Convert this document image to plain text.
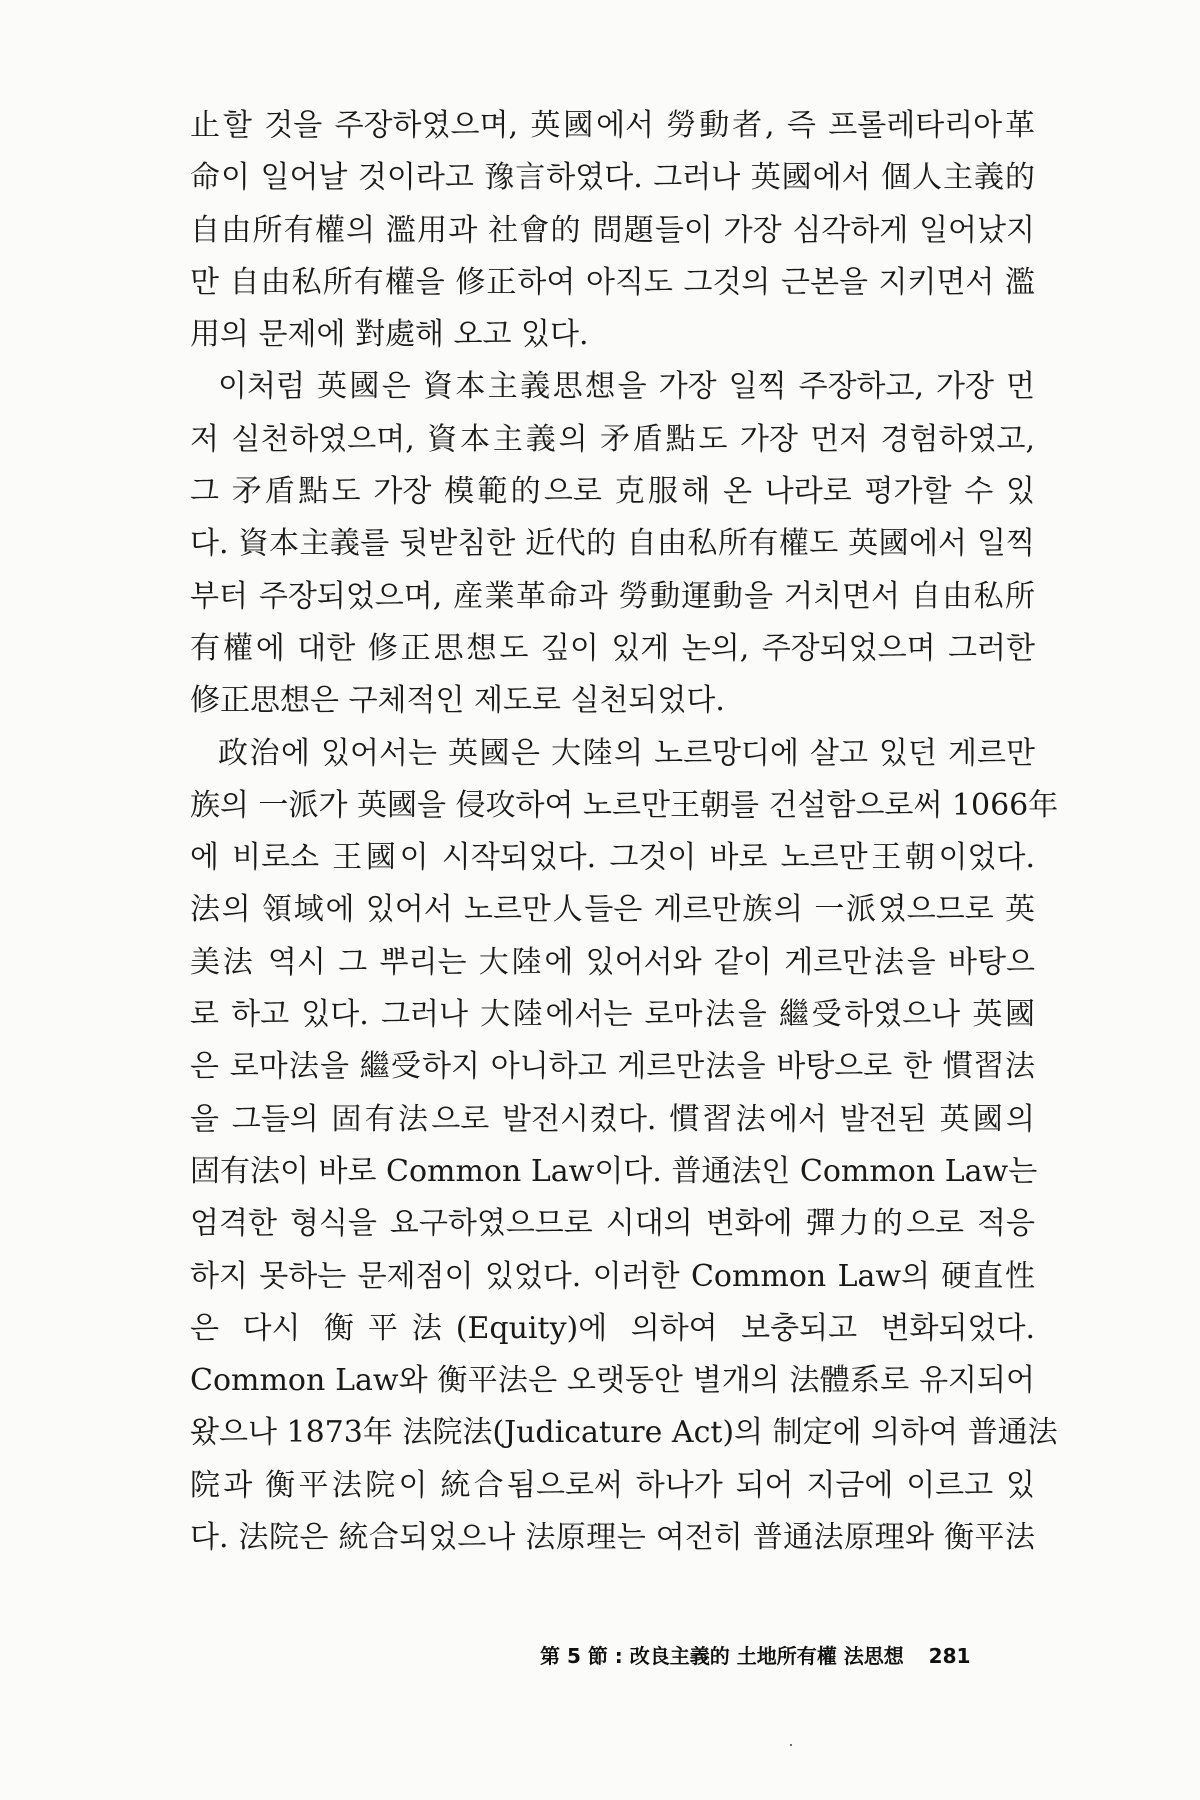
止할 것을 주장하였으며, 英國에서 勞動者, 즉 프롤레타리아革
命이 일어날 것이라고 豫言하였다. 그러나 英國에서 個人主義的
自由所有權의 濫用과 社會的 問題들이 가장 심각하게 일어났지
만 自由私所有權을 修正하여 아직도 그것의 근본을 지키면서 濫
用의 문제에 對處해 오고 있다.
이처럼 英國은 資本主義思想을 가장 일찍 주장하고, 가장 먼
저 실천하였으며, 資本主義의 矛盾點도 가장 먼저 경험하였고,
그 矛盾點도 가장 模範的으로 克服해 온 나라로 평가할 수 있
다. 資本主義를 뒷받침한 近代的 自由私所有權도 英國에서 일찍
부터 주장되었으며, 産業革命과 勞動運動을 거치면서 自由私所
有權에 대한 修正思想도 깊이 있게 논의, 주장되었으며 그러한
修正思想은 구체적인 제도로 실천되었다.
政治에 있어서는 英國은 大陸의 노르망디에 살고 있던 게르만
族의 一派가 英國을 侵攻하여 노르만王朝를 건설함으로써 1066年
에 비로소 王國이 시작되었다. 그것이 바로 노르만王朝이었다.
法의 領域에 있어서 노르만人들은 게르만族의 一派였으므로 英
美法 역시 그 뿌리는 大陸에 있어서와 같이 게르만法을 바탕으
로 하고 있다. 그러나 大陸에서는 로마法을 繼受하였으나 英國
은 로마法을 繼受하지 아니하고 게르만法을 바탕으로 한 慣習法
을 그들의 固有法으로 발전시켰다. 慣習法에서 발전된 英國의
固有法이 바로 Common Law이다. 普通法인 Common Law는
엄격한 형식을 요구하였으므로 시대의 변화에 彈力的으로 적응
하지 못하는 문제점이 있었다. 이러한 Common Law의 硬直性
은 다시 衡平法(Equity)에 의하여 보충되고 변화되었다.
Common Law와 衡平法은 오랫동안 별개의 法體系로 유지되어
왔으나 1873年 法院法(Judicature Act)의 制定에 의하여 普通法
院과 衡平法院이 統合됨으로써 하나가 되어 지금에 이르고 있
다. 法院은 統合되었으나 法原理는 여전히 普通法原理와 衡平法
第 5 節 : 改良主義的 土地所有權 法思想 281
